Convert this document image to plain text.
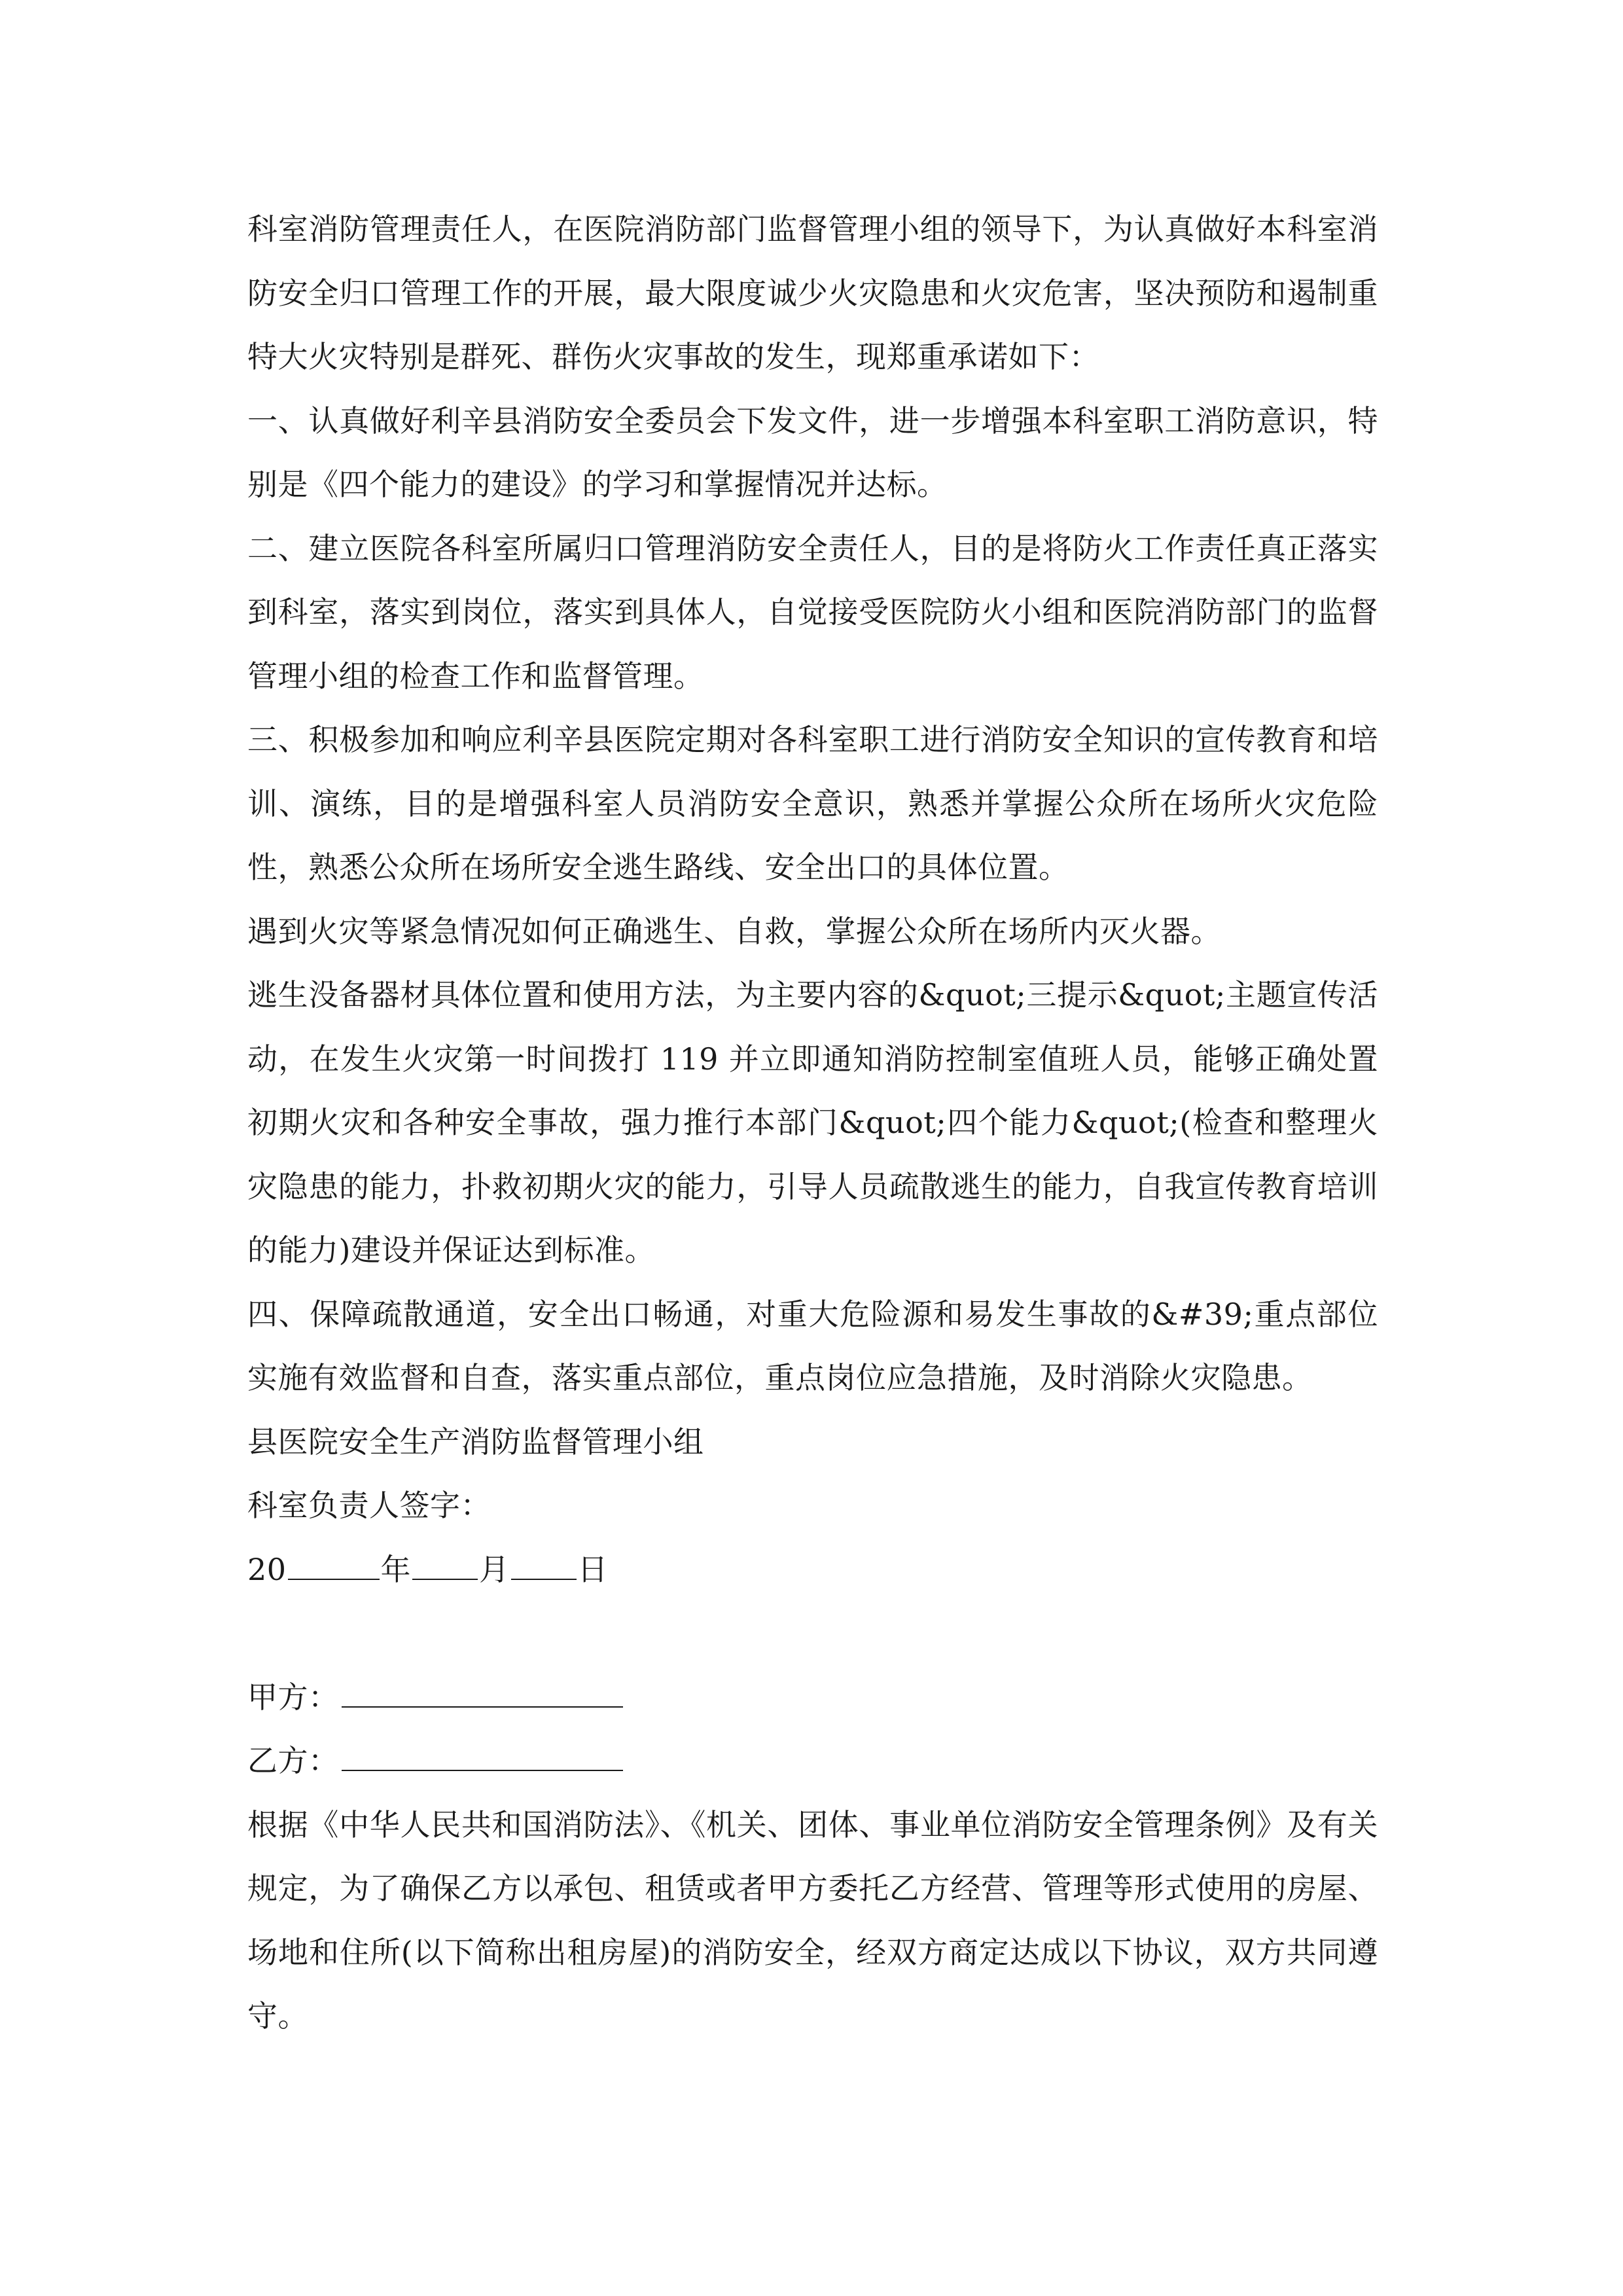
科室消防管理责任人，在医院消防部门监督管理小组的领导下，为认真做好本科室消防安全归口管理工作的开展，最大限度诚少火灾隐患和火灾危害，坚决预防和遏制重特大火灾特别是群死、群伤火灾事故的发生，现郑重承诺如下：

一、认真做好利辛县消防安全委员会下发文件，进一步增强本科室职工消防意识，特别是《四个能力的建设》的学习和掌握情况并达标。

二、建立医院各科室所属归口管理消防安全责任人，目的是将防火工作责任真正落实到科室，落实到岗位，落实到具体人，自觉接受医院防火小组和医院消防部门的监督管理小组的检查工作和监督管理。

三、积极参加和响应利辛县医院定期对各科室职工进行消防安全知识的宣传教育和培训、演练，目的是增强科室人员消防安全意识，熟悉并掌握公众所在场所火灾危险性，熟悉公众所在场所安全逃生路线、安全出口的具体位置。

遇到火灾等紧急情况如何正确逃生、自救，掌握公众所在场所内灭火器。

逃生没备器材具体位置和使用方法，为主要内容的&quot;三提示&quot;主题宣传活动，在发生火灾第一时间拨打 119 并立即通知消防控制室值班人员，能够正确处置初期火灾和各种安全事故，强力推行本部门&quot;四个能力&quot;(检查和整理火灾隐患的能力，扑救初期火灾的能力，引导人员疏散逃生的能力，自我宣传教育培训的能力)建设并保证达到标准。

四、保障疏散通道，安全出口畅通，对重大危险源和易发生事故的&#39;重点部位实施有效监督和自查，落实重点部位，重点岗位应急措施，及时消除火灾隐患。

县医院安全生产消防监督管理小组

科室负责人签字：

20	年 月 日

甲方：

乙方：

根据《中华人民共和国消防法》、《机关、团体、事业单位消防安全管理条例》及有关规定，为了确保乙方以承包、租赁或者甲方委托乙方经营、管理等形式使用的房屋、场地和住所(以下简称出租房屋)的消防安全，经双方商定达成以下协议，双方共同遵守。
